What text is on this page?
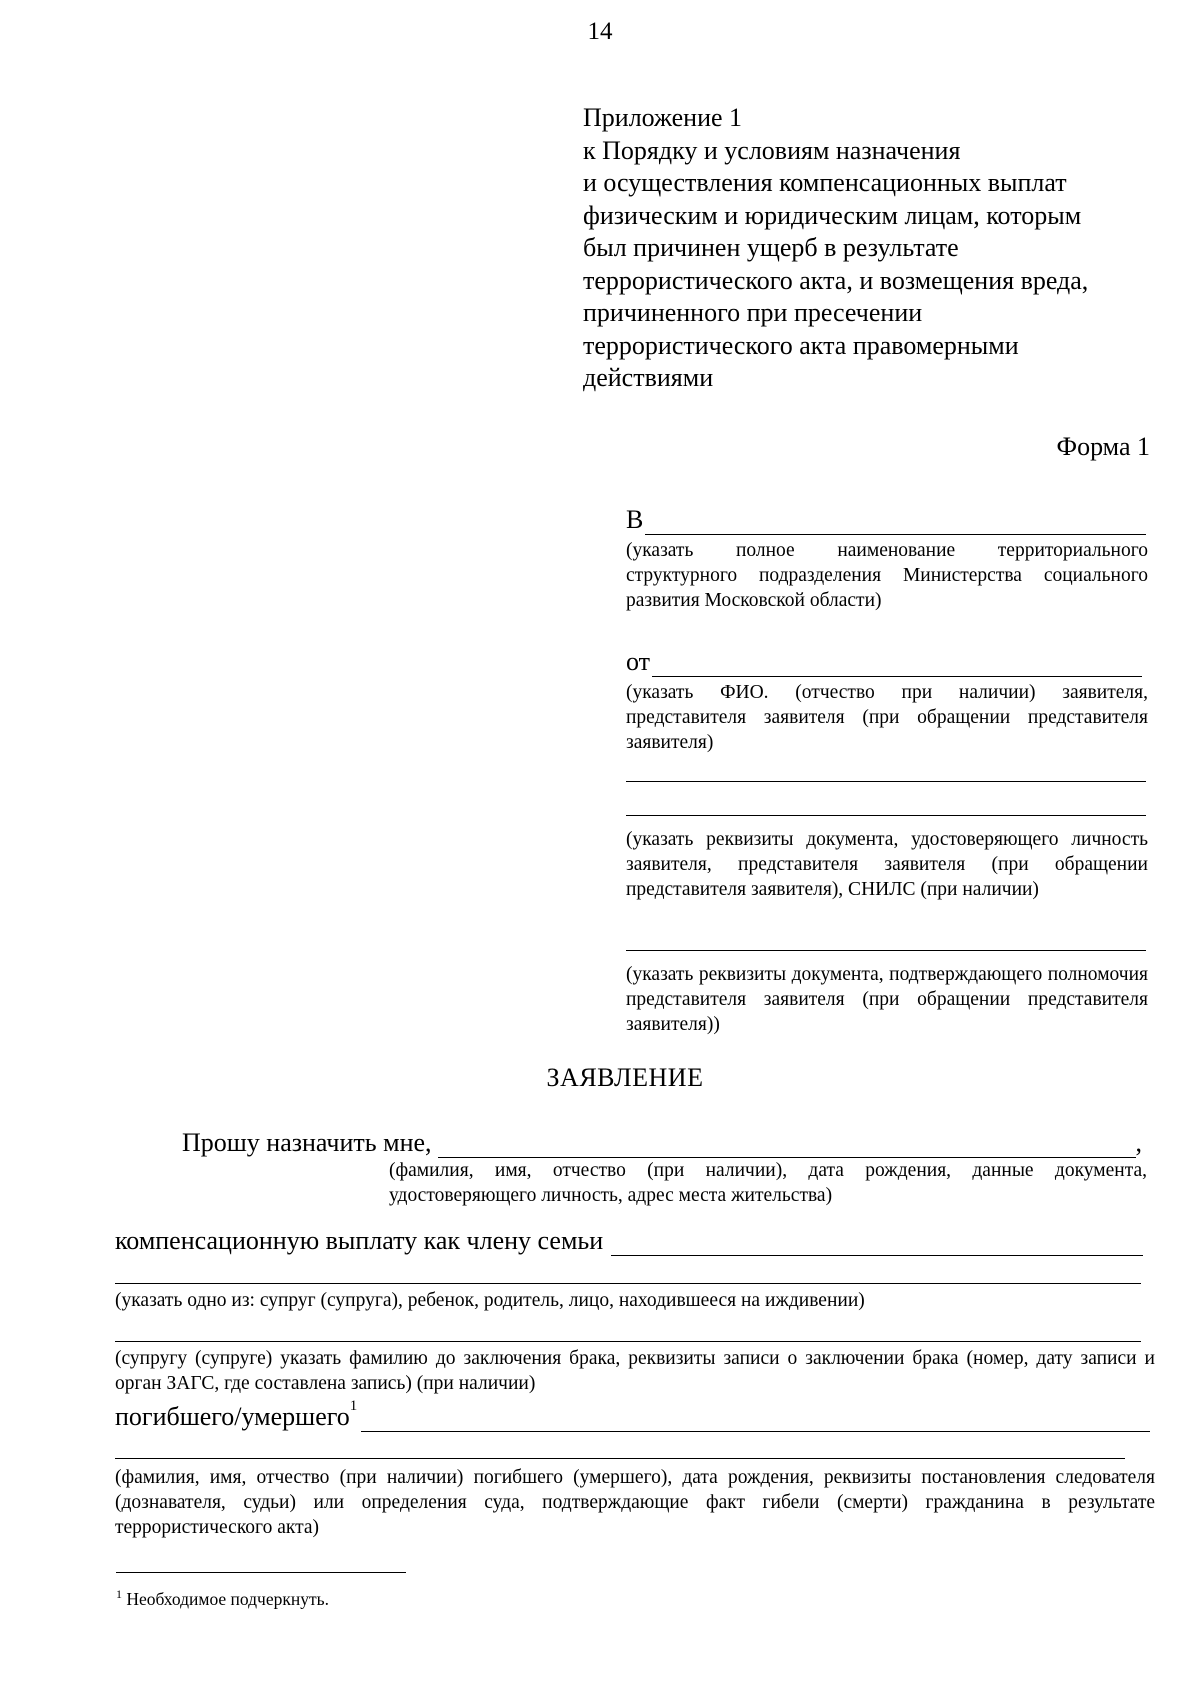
14
Приложение 1
к Порядку и условиям назначения
и осуществления компенсационных выплат
физическим и юридическим лицам, которым
был причинен ущерб в результате
террористического акта, и возмещения вреда,
причиненного при пресечении
террористического акта правомерными
действиями
Форма 1
В
(указать полное наименование территориального структурного подразделения Министерства социального развития Московской области)
от
(указать ФИО. (отчество при наличии) заявителя, представителя заявителя (при обращении представителя заявителя)
(указать реквизиты документа, удостоверяющего личность заявителя, представителя заявителя (при обращении представителя заявителя), СНИЛС (при наличии)
(указать реквизиты документа, подтверждающего полномочия представителя заявителя (при обращении представителя заявителя))
ЗАЯВЛЕНИЕ
Прошу назначить мне,	,
(фамилия, имя, отчество (при наличии), дата рождения, данные документа, удостоверяющего личность, адрес места жительства)
компенсационную выплату как члену семьи
(указать одно из: супруг (супруга), ребенок, родитель, лицо, находившееся на иждивении)
(супругу (супруге) указать фамилию до заключения брака, реквизиты записи о заключении брака (номер, дату записи и орган ЗАГС, где составлена запись) (при наличии)
погибшего/умершего$^1$
(фамилия, имя, отчество (при наличии) погибшего (умершего), дата рождения, реквизиты постановления следователя (дознавателя, судьи) или определения суда, подтверждающие факт гибели (смерти) гражданина в результате террористического акта)
$^1$ Необходимое подчеркнуть.
